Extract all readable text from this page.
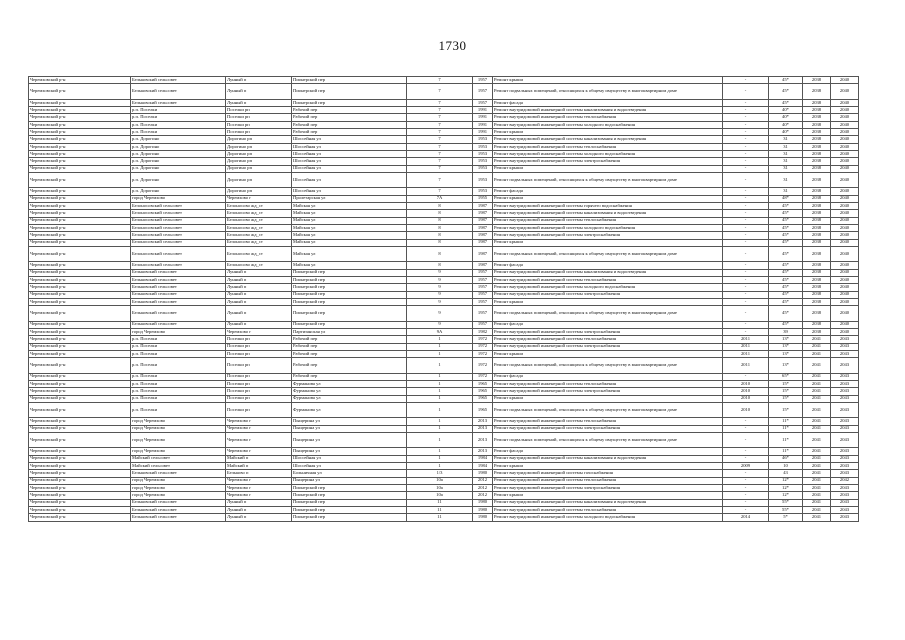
1730
Черемховский р-н	Бельковский сельсовет	Лунный п	Пионерский пер	7	1957	Ремонт крыши	-	45*	2038	2040
Черемховский р-н	Бельковский сельсовет	Лунный п	Пионерский пер	7	1957	Ремонт подвальных помещений, относящихся к общему имуществу в многоквартирном доме	-	45*	2038	2040
Черемховский р-н	Бельковский сельсовет	Лунный п	Пионерский пер	7	1957	Ремонт фасада	-	45*	2038	2040
Черемховский р-н	р.п. Поселки	Поселки рп	Рабочий пер	7	1991	Ремонт внутридомовой инженерной системы канализования и водоотведения	-	40*	2038	2040
Черемховский р-н	р.п. Поселки	Поселки рп	Рабочий пер	7	1991	Ремонт внутридомовой инженерной системы теплоснабжения	-	40*	2038	2040
Черемховский р-н	р.п. Поселки	Поселки рп	Рабочий пер	7	1991	Ремонт внутридомовой инженерной системы холодного водоснабжения	-	40*	2038	2040
Черемховский р-н	р.п. Поселки	Поселки рп	Рабочий пер	7	1991	Ремонт крыши	-	40*	2038	2040
Черемховский р-н	р.п. Дорогино	Дорогино рп	Шоссейная ул	7	1953	Ремонт внутридомовой инженерной системы канализования и водоотведения	-	31	2038	2040
Черемховский р-н	р.п. Дорогино	Дорогино рп	Шоссейная ул	7	1953	Ремонт внутридомовой инженерной системы теплоснабжения	-	31	2038	2040
Черемховский р-н	р.п. Дорогино	Дорогино рп	Шоссейная ул	7	1953	Ремонт внутридомовой инженерной системы холодного водоснабжения	-	31	2038	2040
Черемховский р-н	р.п. Дорогино	Дорогино рп	Шоссейная ул	7	1953	Ремонт внутридомовой инженерной системы электроснабжения	-	31	2038	2040
Черемховский р-н	р.п. Дорогино	Дорогино рп	Шоссейная ул	7	1953	Ремонт крыши	-	31	2038	2040
Черемховский р-н	р.п. Дорогино	Дорогино рп	Шоссейная ул	7	1953	Ремонт подвальных помещений, относящихся к общему имуществу в многоквартирном доме	-	31	2038	2040
Черемховский р-н	р.п. Дорогино	Дорогино рп	Шоссейная ул	7	1953	Ремонт фасада	-	31	2038	2040
Черемховский р-н	город Черемхово	Черемхово г	Пролетарская ул	7А	1955	Ремонт крыши	-	48*	2038	2040
Черемховский р-н	Белоносовский сельсовет	Белоносово жд_ст	Майская ул	8	1987	Ремонт внутридомовой инженерной системы горячего водоснабжения	-	45*	2038	2040
Черемховский р-н	Белоносовский сельсовет	Белоносово жд_ст	Майская ул	8	1987	Ремонт внутридомовой инженерной системы канализования и водоотведения	-	45*	2038	2040
Черемховский р-н	Белоносовский сельсовет	Белоносово жд_ст	Майская ул	8	1987	Ремонт внутридомовой инженерной системы теплоснабжения	-	45*	2038	2040
Черемховский р-н	Белоносовский сельсовет	Белоносово жд_ст	Майская ул	8	1987	Ремонт внутридомовой инженерной системы холодного водоснабжения	-	45*	2038	2040
Черемховский р-н	Белоносовский сельсовет	Белоносово жд_ст	Майская ул	8	1987	Ремонт внутридомовой инженерной системы электроснабжения	-	45*	2038	2040
Черемховский р-н	Белоносовский сельсовет	Белоносово жд_ст	Майская ул	8	1987	Ремонт крыши	-	45*	2038	2040
Черемховский р-н	Белоносовский сельсовет	Белоносово жд_ст	Майская ул	8	1987	Ремонт подвальных помещений, относящихся к общему имуществу в многоквартирном доме	-	45*	2038	2040
Черемховский р-н	Белоносовский сельсовет	Белоносово жд_ст	Майская ул	8	1987	Ремонт фасада	-	45*	2038	2040
Черемховский р-н	Бельковский сельсовет	Лунный п	Пионерский пер	9	1957	Ремонт внутридомовой инженерной системы канализования и водоотведения	-	45*	2038	2040
Черемховский р-н	Бельковский сельсовет	Лунный п	Пионерский пер	9	1957	Ремонт внутридомовой инженерной системы теплоснабжения	-	45*	2038	2040
Черемховский р-н	Бельковский сельсовет	Лунный п	Пионерский пер	9	1957	Ремонт внутридомовой инженерной системы холодного водоснабжения	-	45*	2038	2040
Черемховский р-н	Бельковский сельсовет	Лунный п	Пионерский пер	9	1957	Ремонт внутридомовой инженерной системы электроснабжения	-	45*	2038	2040
Черемховский р-н	Бельковский сельсовет	Лунный п	Пионерский пер	9	1957	Ремонт крыши	-	45*	2038	2040
Черемховский р-н	Бельковский сельсовет	Лунный п	Пионерский пер	9	1957	Ремонт подвальных помещений, относящихся к общему имуществу в многоквартирном доме	-	45*	2038	2040
Черемховский р-н	Бельковский сельсовет	Лунный п	Пионерский пер	9	1957	Ремонт фасада	-	45*	2038	2040
Черемховский р-н	город Черемхово	Черемхово г	Партизанская ул	9А	1982	Ремонт внутридомовой инженерной системы электроснабжения	-	39	2038	2040
Черемховский р-н	р.п. Поселки	Поселки рп	Рабочий пер	1	1972	Ремонт внутридомовой инженерной системы теплоснабжения	2011	13*	2041	2043
Черемховский р-н	р.п. Поселки	Поселки рп	Рабочий пер	1	1972	Ремонт внутридомовой инженерной системы электроснабжения	2011	13*	2041	2043
Черемховский р-н	р.п. Поселки	Поселки рп	Рабочий пер	1	1972	Ремонт крыши	2011	13*	2041	2043
Черемховский р-н	р.п. Поселки	Поселки рп	Рабочий пер	1	1972	Ремонт подвальных помещений, относящихся к общему имуществу в многоквартирном доме	2011	13*	2041	2043
Черемховский р-н	р.п. Поселки	Поселки рп	Рабочий пер	1	1972	Ремонт фасада	-	65*	2041	2043
Черемховский р-н	р.п. Поселки	Поселки рп	Фурманова ул	1	1965	Ремонт внутридомовой инженерной системы теплоснабжения	2010	15*	2041	2043
Черемховский р-н	р.п. Поселки	Поселки рп	Фурманова ул	1	1965	Ремонт внутридомовой инженерной системы электроснабжения	2010	15*	2041	2043
Черемховский р-н	р.п. Поселки	Поселки рп	Фурманова ул	1	1965	Ремонт крыши	2010	15*	2041	2043
Черемховский р-н	р.п. Поселки	Поселки рп	Фурманова ул	1	1965	Ремонт подвальных помещений, относящихся к общему имуществу в многоквартирном доме	2010	15*	2041	2043
Черемховский р-н	город Черемхово	Черемхово г	Пыщерина ул	1	2013	Ремонт внутридомовой инженерной системы теплоснабжения	-	11*	2041	2043
Черемховский р-н	город Черемхово	Черемхово г	Пыщерина ул	1	2013	Ремонт внутридомовой инженерной системы электроснабжения	-	11*	2041	2043
Черемховский р-н	город Черемхово	Черемхово г	Пыщерина ул	1	2013	Ремонт подвальных помещений, относящихся к общему имуществу в многоквартирном доме	-	11*	2041	2043
Черемховский р-н	город Черемхово	Черемхово г	Пыщерина ул	1	2013	Ремонт фасада	-	11*	2041	2043
Черемховский р-н	Майский сельсовет	Майский п	Шоссейная ул	1	1984	Ремонт внутридомовой инженерной системы канализования и водоотведения	-	46*	2041	2043
Черемховский р-н	Майский сельсовет	Майский п	Шоссейная ул	1	1984	Ремонт крыши	2009	10	2041	2043
Черемховский р-н	Бельковский сельсовет	Бельково п	Больничная ул	1/3	1980	Ремонт внутридомовой инженерной системы газоснабжения	-	43	2041	2043
Черемховский р-н	город Черемхово	Черемхово г	Пыщерина ул	10а	2012	Ремонт внутридомовой инженерной системы теплоснабжения	-	12*	2041	2042
Черемховский р-н	город Черемхово	Черемхово г	Пионерский пер	10а	2012	Ремонт внутридомовой инженерной системы электроснабжения	-	12*	2041	2043
Черемховский р-н	город Черемхово	Черемхово г	Пионерский пер	10а	2012	Ремонт крыши	-	12*	2041	2043
Черемховский р-н	Бельковский сельсовет	Лунный п	Пионерский пер	11	1980	Ремонт внутридомовой инженерной системы канализования и водоотведения	-	55*	2041	2043
Черемховский р-н	Бельковский сельсовет	Лунный п	Пионерский пер	11	1980	Ремонт внутридомовой инженерной системы теплоснабжения	-	55*	2041	2043
Черемховский р-н	Бельковский сельсовет	Лунный п	Пионерский пер	11	1980	Ремонт внутридомовой инженерной системы холодного водоснабжения	2014	5*	2041	2043
